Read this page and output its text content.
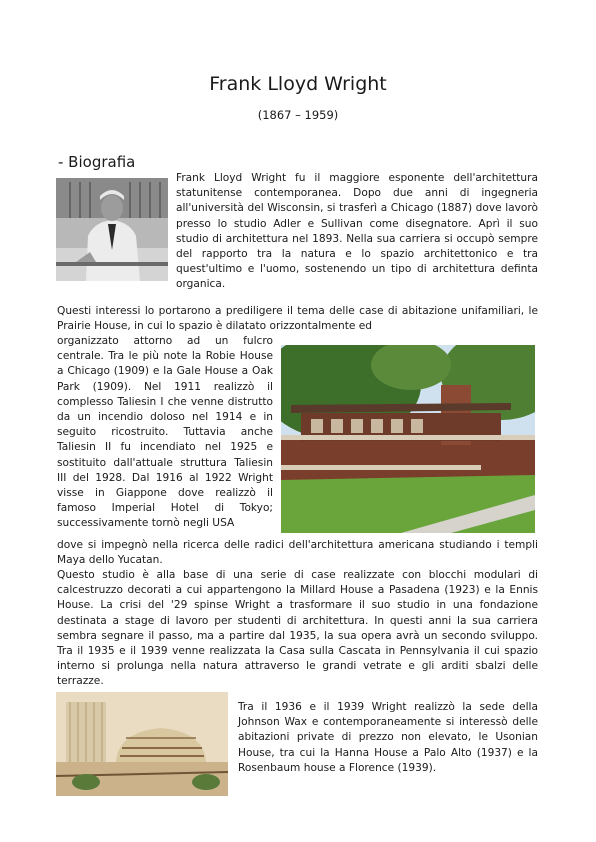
Frank Lloyd Wright
(1867 – 1959)
- Biografia

Frank Lloyd Wright fu il maggiore esponente dell'architettura statunitense contemporanea. Dopo due anni di ingegneria all'università del Wisconsin, si trasferì a Chicago (1887) dove lavorò presso lo studio Adler e Sullivan come disegnatore. Aprì il suo studio di architettura nel 1893. Nella sua carriera si occupò sempre del rapporto tra la natura e lo spazio architettonico e tra quest'ultimo e l'uomo, sostenendo un tipo di architettura definta organica.

Questi interessi lo portarono a prediligere il tema delle case di abitazione unifamiliari, le Prairie House, in cui lo spazio è dilatato orizzontalmente ed

organizzato attorno ad un fulcro centrale. Tra le più note la Robie House a Chicago (1909) e la Gale House a Oak Park (1909). Nel 1911 realizzò il complesso Taliesin I che venne distrutto da un incendio doloso nel 1914 e in seguito ricostruito. Tuttavia anche Taliesin II fu incendiato nel 1925 e sostituito dall'attuale struttura Taliesin III del 1928. Dal 1916 al 1922 Wright visse in Giappone dove realizzò il famoso Imperial Hotel di Tokyo; successivamente tornò negli USA

dove si impegnò nella ricerca delle radici dell'architettura americana studiando i templi Maya dello Yucatan.

Questo studio è alla base di una serie di case realizzate con blocchi modulari di calcestruzzo decorati a cui appartengono la Millard House a Pasadena (1923) e la Ennis House. La crisi del '29 spinse Wright a trasformare il suo studio in una fondazione destinata a stage di lavoro per studenti di architettura. In questi anni la sua carriera sembra segnare il passo, ma a partire dal 1935, la sua opera avrà un secondo sviluppo. Tra il 1935 e il 1939 venne realizzata la Casa sulla Cascata in Pennsylvania il cui spazio interno si prolunga nella natura attraverso le grandi vetrate e gli arditi sbalzi delle terrazze.

Tra il 1936 e il 1939 Wright realizzò la sede della Johnson Wax e contemporaneamente si interessò delle abitazioni private di prezzo non elevato, le Usonian House, tra cui la Hanna House a Palo Alto (1937) e la Rosenbaum house a Florence (1939).
